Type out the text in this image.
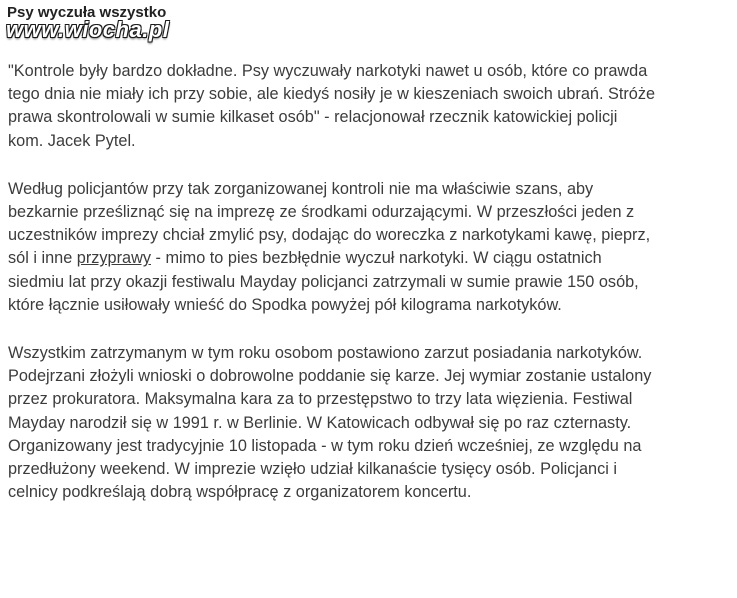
Psy wyczuła wszystko
www.wiocha.pl

"Kontrole były bardzo dokładne. Psy wyczuwały narkotyki nawet u osób, które co prawda
tego dnia nie miały ich przy sobie, ale kiedyś nosiły je w kieszeniach swoich ubrań. Stróże
prawa skontrolowali w sumie kilkaset osób" - relacjonował rzecznik katowickiej policji
kom. Jacek Pytel.

Według policjantów przy tak zorganizowanej kontroli nie ma właściwie szans, aby
bezkarnie prześliznąć się na imprezę ze środkami odurzającymi. W przeszłości jeden z
uczestników imprezy chciał zmylić psy, dodając do woreczka z narkotykami kawę, pieprz,
sól i inne przyprawy - mimo to pies bezbłędnie wyczuł narkotyki. W ciągu ostatnich
siedmiu lat przy okazji festiwalu Mayday policjanci zatrzymali w sumie prawie 150 osób,
które łącznie usiłowały wnieść do Spodka powyżej pół kilograma narkotyków.

Wszystkim zatrzymanym w tym roku osobom postawiono zarzut posiadania narkotyków.
Podejrzani złożyli wnioski o dobrowolne poddanie się karze. Jej wymiar zostanie ustalony
przez prokuratora. Maksymalna kara za to przestępstwo to trzy lata więzienia. Festiwal
Mayday narodził się w 1991 r. w Berlinie. W Katowicach odbywał się po raz czternasty.
Organizowany jest tradycyjnie 10 listopada - w tym roku dzień wcześniej, ze względu na
przedłużony weekend. W imprezie wzięło udział kilkanaście tysięcy osób. Policjanci i
celnicy podkreślają dobrą współpracę z organizatorem koncertu.
